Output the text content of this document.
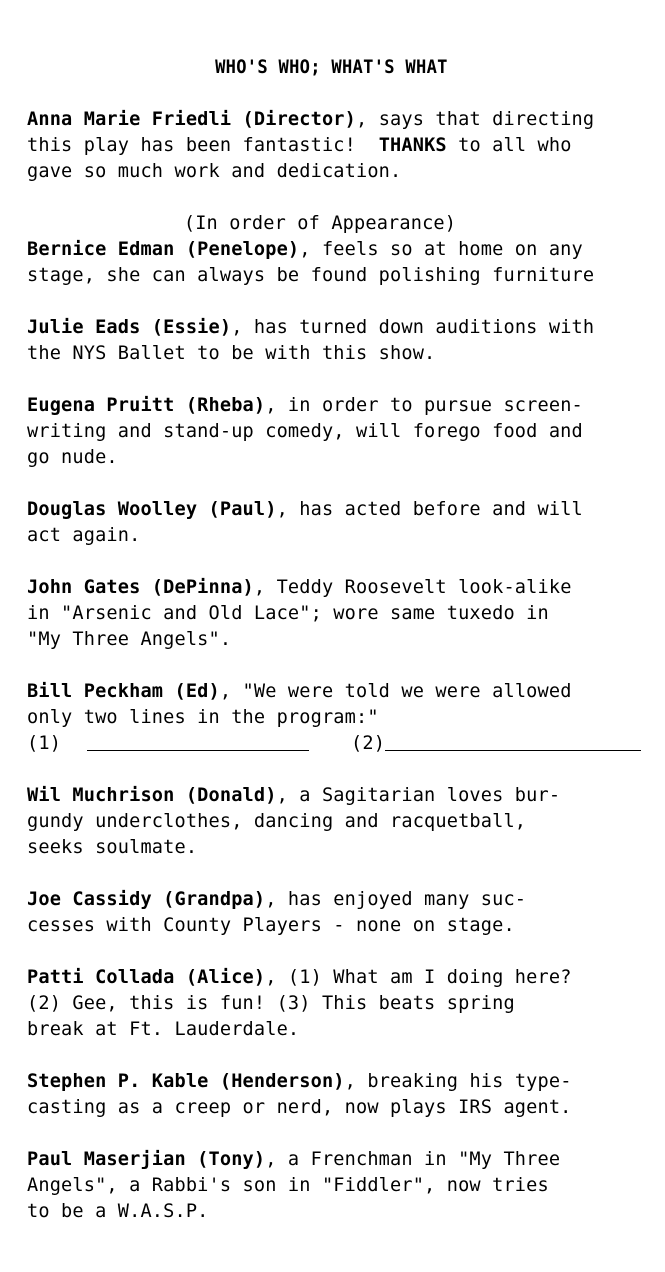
WHO'S WHO; WHAT'S WHAT
Anna Marie Friedli (Director), says that directing
this play has been fantastic!  THANKS to all who
gave so much work and dedication.
(In order of Appearance)
Bernice Edman (Penelope), feels so at home on any
stage, she can always be found polishing furniture
Julie Eads (Essie), has turned down auditions with
the NYS Ballet to be with this show.
Eugena Pruitt (Rheba), in order to pursue screen-
writing and stand-up comedy, will forego food and
go nude.
Douglas Woolley (Paul), has acted before and will
act again.
John Gates (DePinna), Teddy Roosevelt look-alike
in "Arsenic and Old Lace"; wore same tuxedo in
"My Three Angels".
Bill Peckham (Ed), "We were told we were allowed
only two lines in the program:"
(1)	(2)
Wil Muchrison (Donald), a Sagitarian loves bur-
gundy underclothes, dancing and racquetball,
seeks soulmate.
Joe Cassidy (Grandpa), has enjoyed many suc-
cesses with County Players - none on stage.
Patti Collada (Alice), (1) What am I doing here?
(2) Gee, this is fun! (3) This beats spring
break at Ft. Lauderdale.
Stephen P. Kable (Henderson), breaking his type-
casting as a creep or nerd, now plays IRS agent.
Paul Maserjian (Tony), a Frenchman in "My Three
Angels", a Rabbi's son in "Fiddler", now tries
to be a W.A.S.P.
